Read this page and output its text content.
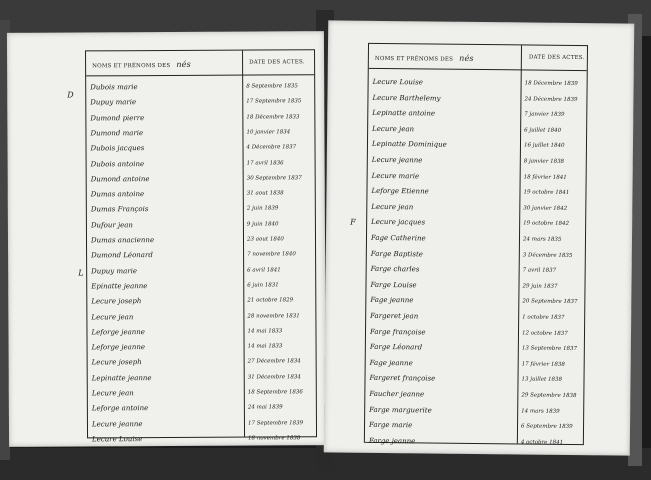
NOMS ET PRÉNOMS DES nés	DATE DES ACTES.
Dubois marie	8 Septembre 1835
Dupuy marie	17 Septembre 1835
Dumond pierre	18 Décembre 1833
Dumond marie	10 janvier 1834
Dubois jacques	4 Décembre 1837
Dubois antoine	17 avril 1836
Dumond antoine	30 Septembre 1837
Dumas antoine	31 aout 1838
Dumas François	2 juin 1839
Dufour jean	9 juin 1840
Dumas anacienne	23 aout 1840
Dumond Léonard	7 novembre 1840
Dupuy marie	6 avril 1841
Epinatte jeanne	6 juin 1831
Lecure joseph	21 octobre 1829
Lecure jean	28 novembre 1831
Leforge jeanne	14 mai 1833
Leforge jeanne	14 mai 1833
Lecure joseph	27 Décembre 1834
Lepinatte jeanne	31 Décembre 1834
Lecure jean	18 Septembre 1836
Leforge antoine	24 mai 1839
Lecure jeanne	17 Septembre 1839
Lecure Louise	18 novembre 1838
D
L
NOMS ET PRÉNOMS DES nés	DATE DES ACTES.
Lecure Louise	18 Décembre 1839
Lecure Barthelemy	24 Décembre 1839
Lepinatte antoine	7 janvier 1839
Lecure jean	6 juillet 1840
Lepinatte Dominique	16 juillet 1840
Lecure jeanne	8 janvier 1838
Lecure marie	18 février 1841
Leforge Etienne	19 octobre 1841
Lecure jean	30 janvier 1842
Lecure jacques	19 octobre 1842
Fage Catherine	24 mars 1835
Farge Baptiste	3 Décembre 1835
Farge charles	7 avril 1837
Farge Louise	29 juin 1837
Fage jeanne	20 Septembre 1837
Fargeret jean	1 octobre 1837
Farge françoise	12 octobre 1837
Farge Léonard	13 Septembre 1837
Fage jeanne	17 février 1838
Fargeret françoise	13 juillet 1838
Faucher jeanne	29 Septembre 1838
Farge marguerite	14 mars 1839
Farge marie	6 Septembre 1839
Farge jeanne	4 octobre 1841
F
